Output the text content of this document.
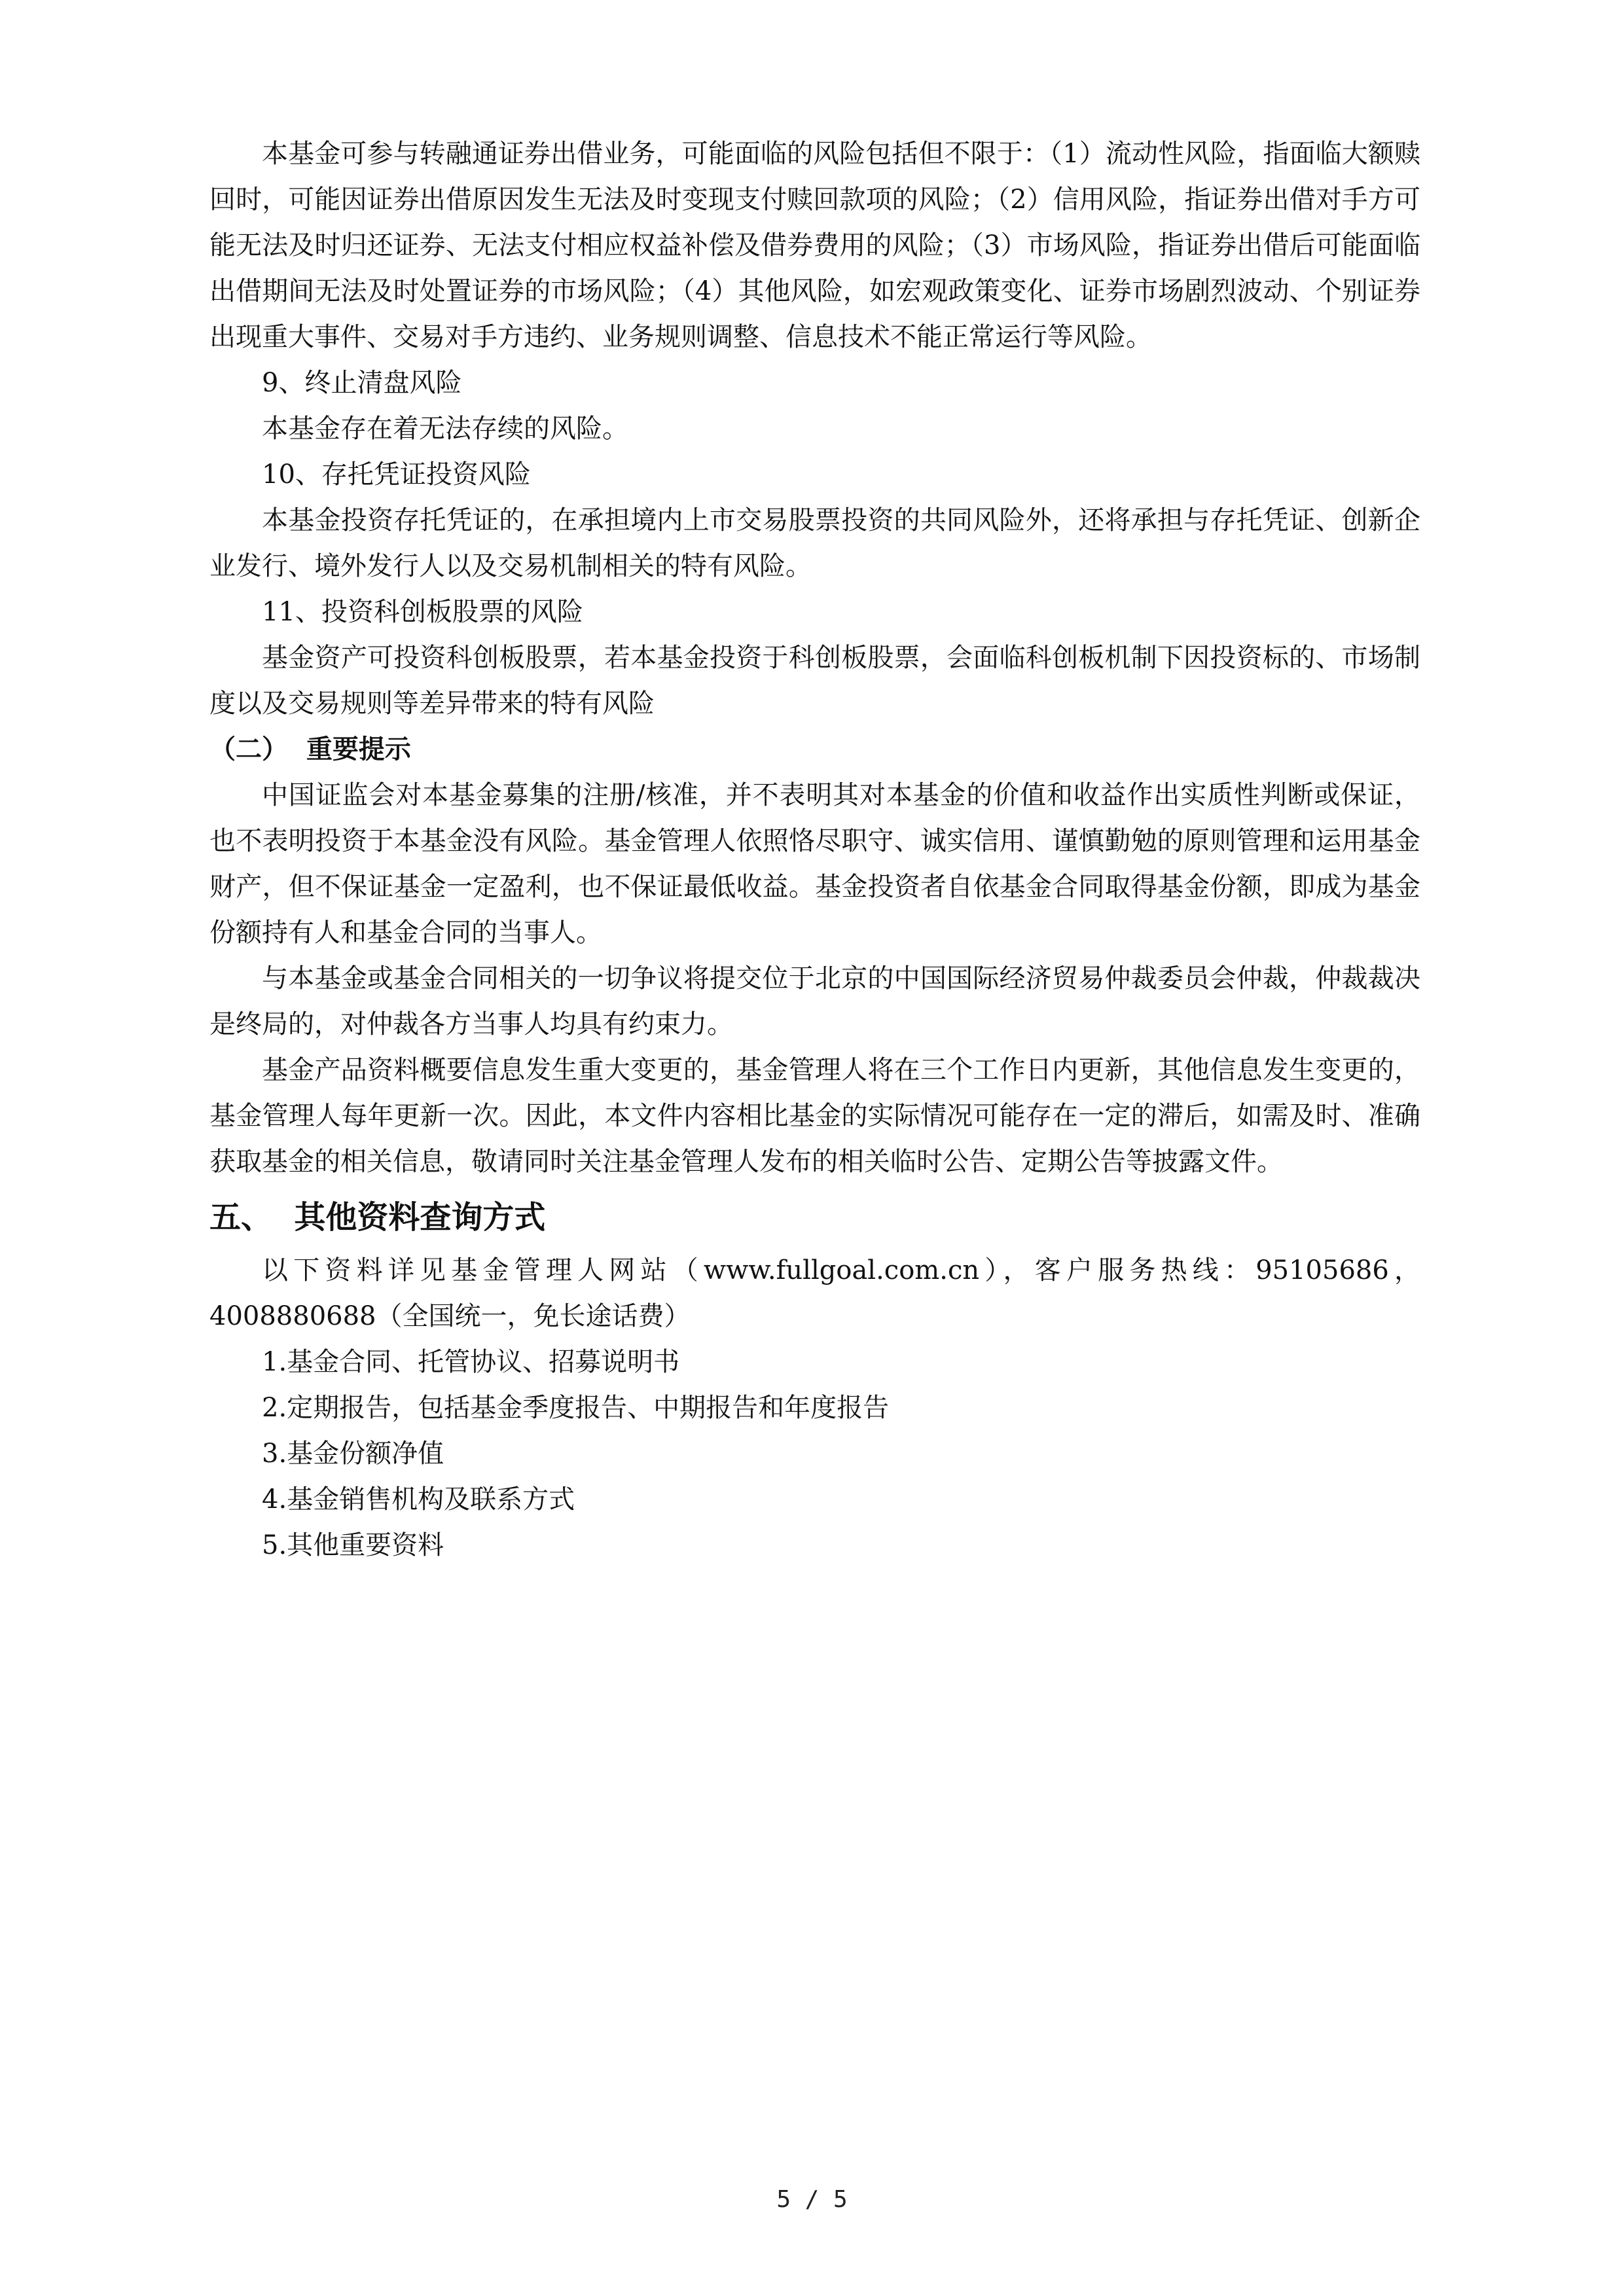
本基金可参与转融通证券出借业务，可能面临的风险包括但不限于：（1）流动性风险，指面临大额赎回时，可能因证券出借原因发生无法及时变现支付赎回款项的风险；（2）信用风险，指证券出借对手方可能无法及时归还证券、无法支付相应权益补偿及借券费用的风险；（3）市场风险，指证券出借后可能面临出借期间无法及时处置证券的市场风险；（4）其他风险，如宏观政策变化、证券市场剧烈波动、个别证券出现重大事件、交易对手方违约、业务规则调整、信息技术不能正常运行等风险。

9、终止清盘风险

本基金存在着无法存续的风险。

10、存托凭证投资风险

本基金投资存托凭证的，在承担境内上市交易股票投资的共同风险外，还将承担与存托凭证、创新企业发行、境外发行人以及交易机制相关的特有风险。

11、投资科创板股票的风险

基金资产可投资科创板股票，若本基金投资于科创板股票，会面临科创板机制下因投资标的、市场制度以及交易规则等差异带来的特有风险

（二）  重要提示

中国证监会对本基金募集的注册/核准，并不表明其对本基金的价值和收益作出实质性判断或保证，也不表明投资于本基金没有风险。基金管理人依照恪尽职守、诚实信用、谨慎勤勉的原则管理和运用基金财产，但不保证基金一定盈利，也不保证最低收益。基金投资者自依基金合同取得基金份额，即成为基金份额持有人和基金合同的当事人。

与本基金或基金合同相关的一切争议将提交位于北京的中国国际经济贸易仲裁委员会仲裁，仲裁裁决是终局的，对仲裁各方当事人均具有约束力。

基金产品资料概要信息发生重大变更的，基金管理人将在三个工作日内更新，其他信息发生变更的，基金管理人每年更新一次。因此，本文件内容相比基金的实际情况可能存在一定的滞后，如需及时、准确获取基金的相关信息，敬请同时关注基金管理人发布的相关临时公告、定期公告等披露文件。

五、  其他资料查询方式

以下资料详见基金管理人网站（www.fullgoal.com.cn），客户服务热线：95105686，4008880688（全国统一，免长途话费）

1.基金合同、托管协议、招募说明书

2.定期报告，包括基金季度报告、中期报告和年度报告

3.基金份额净值

4.基金销售机构及联系方式

5.其他重要资料

5 / 5
